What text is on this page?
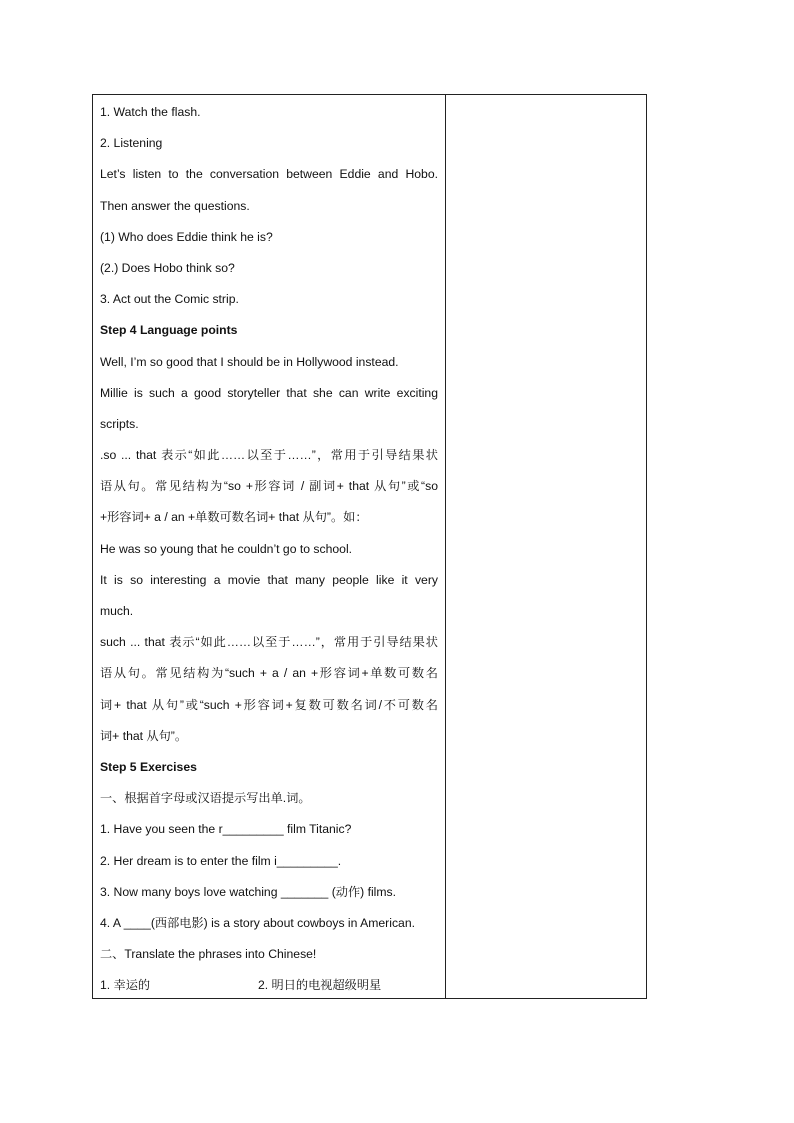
1. Watch the flash.
2. Listening
Let’s listen to the conversation between Eddie and Hobo.
Then answer the questions.
(1) Who does Eddie think he is?
(2.) Does Hobo think so?
3. Act out the Comic strip.
Step 4 Language points
Well, I’m so good that I should be in Hollywood instead.
Millie is such a good storyteller that she can write exciting
scripts.
.so ... that 表示“如此……以至于……”，常用于引导结果状
语从句。常见结构为“so +形容词 / 副词+ that 从句”或“so
+形容词+ a / an +单数可数名词+ that 从句”。如：
He was so young that he couldn’t go to school.
It is so interesting a movie that many people like it very
much.
such ... that 表示“如此……以至于……”，常用于引导结果状
语从句。常见结构为“such + a / an +形容词+单数可数名
词+ that 从句”或“such +形容词+复数可数名词/不可数名
词+ that 从句”。
Step 5 Exercises
一、根据首字母或汉语提示写出单.词。
1. Have you seen the r_________ film Titanic?
2. Her dream is to enter the film i_________.
3. Now many boys love watching _______ (动作) films.
4. A ____(西部电影) is a story about cowboys in American.
二、Translate the phrases into Chinese!
1. 幸运的	2. 明日的电视超级明星
